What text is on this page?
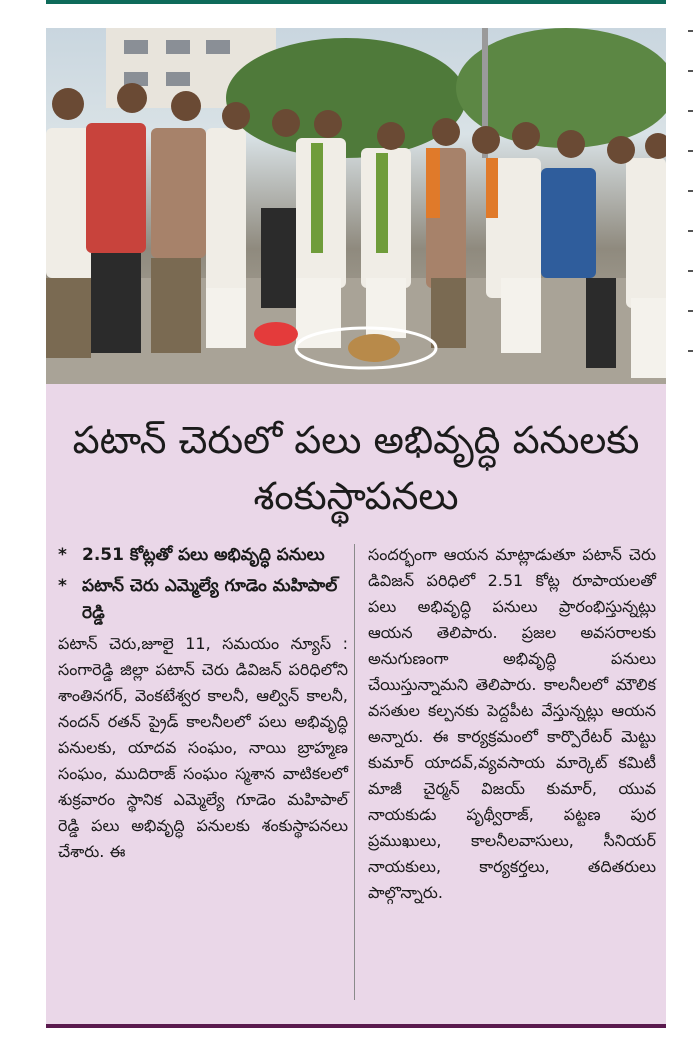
పటాన్ చెరులో పలు అభివృద్ధి పనులకు శంకుస్థాపనలు
* 2.51 కోట్లతో పలు అభివృద్ధి పనులు
* పటాన్ చెరు ఎమ్మెల్యే గూడెం మహిపాల్ రెడ్డి

పటాన్ చెరు,జూలై 11, సమయం న్యూస్ : సంగారెడ్డి జిల్లా పటాన్ చెరు డివిజన్ పరిధిలోని శాంతినగర్, వెంకటేశ్వర కాలనీ, ఆల్విన్ కాలనీ, నందన్ రతన్ ప్రైడ్ కాలనీలలో పలు అభివృద్ధి పనులకు, యాదవ సంఘం, నాయి బ్రాహ్మణ సంఘం, ముదిరాజ్ సంఘం స్మశాన వాటికలలో శుక్రవారం స్థానిక ఎమ్మెల్యే గూడెం మహిపాల్ రెడ్డి పలు అభివృద్ధి పనులకు శంకుస్థాపనలు చేశారు. ఈ

సందర్భంగా ఆయన మాట్లాడుతూ పటాన్ చెరు డివిజన్ పరిధిలో 2.51 కోట్ల రూపాయలతో పలు అభివృద్ధి పనులు ప్రారంభిస్తున్నట్లు ఆయన తెలిపారు. ప్రజల అవసరాలకు అనుగుణంగా అభివృద్ధి పనులు చేయిస్తున్నామని తెలిపారు. కాలనీలలో మౌలిక వసతుల కల్పనకు పెద్దపీట వేస్తున్నట్లు ఆయన అన్నారు. ఈ కార్యక్రమంలో కార్పొరేటర్ మెట్టు కుమార్ యాదవ్,వ్యవసాయ మార్కెట్ కమిటీ మాజీ చైర్మన్ విజయ్ కుమార్, యువ నాయకుడు పృథ్వీరాజ్, పట్టణ పుర ప్రముఖులు, కాలనీలవాసులు, సీనియర్ నాయకులు, కార్యకర్తలు, తదితరులు పాల్గొన్నారు.
